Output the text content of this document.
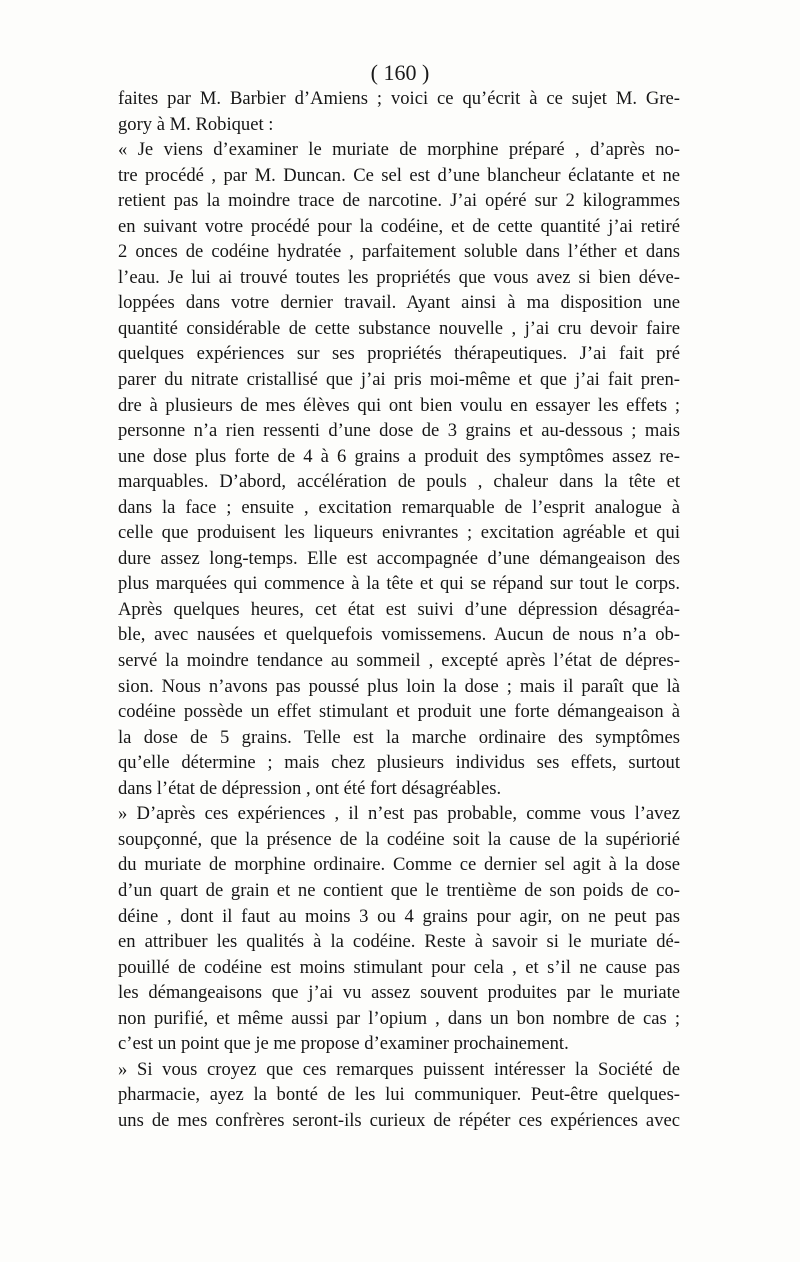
( 160 )
faites par M. Barbier d’Amiens ; voici ce qu’écrit à ce sujet M. Gre-
gory à M. Robiquet :
« Je viens d’examiner le muriate de morphine préparé , d’après no-
tre procédé , par M. Duncan. Ce sel est d’une blancheur éclatante et ne
retient pas la moindre trace de narcotine. J’ai opéré sur 2 kilogrammes
en suivant votre procédé pour la codéine, et de cette quantité j’ai retiré
2 onces de codéine hydratée , parfaitement soluble dans l’éther et dans
l’eau. Je lui ai trouvé toutes les propriétés que vous avez si bien déve-
loppées dans votre dernier travail. Ayant ainsi à ma disposition une
quantité considérable de cette substance nouvelle , j’ai cru devoir faire
quelques expériences sur ses propriétés thérapeutiques. J’ai fait pré
parer du nitrate cristallisé que j’ai pris moi-même et que j’ai fait pren-
dre à plusieurs de mes élèves qui ont bien voulu en essayer les effets ;
personne n’a rien ressenti d’une dose de 3 grains et au-dessous ; mais
une dose plus forte de 4 à 6 grains a produit des symptômes assez re-
marquables. D’abord, accélération de pouls , chaleur dans la tête et
dans la face ; ensuite , excitation remarquable de l’esprit analogue à
celle que produisent les liqueurs enivrantes ; excitation agréable et qui
dure assez long-temps. Elle est accompagnée d’une démangeaison des
plus marquées qui commence à la tête et qui se répand sur tout le corps.
Après quelques heures, cet état est suivi d’une dépression désagréa-
ble, avec nausées et quelquefois vomissemens. Aucun de nous n’a ob-
servé la moindre tendance au sommeil , excepté après l’état de dépres-
sion. Nous n’avons pas poussé plus loin la dose ; mais il paraît que là
codéine possède un effet stimulant et produit une forte démangeaison à
la dose de 5 grains. Telle est la marche ordinaire des symptômes
qu’elle détermine ; mais chez plusieurs individus ses effets, surtout
dans l’état de dépression , ont été fort désagréables.
» D’après ces expériences , il n’est pas probable, comme vous l’avez
soupçonné, que la présence de la codéine soit la cause de la supériorié
du muriate de morphine ordinaire. Comme ce dernier sel agit à la dose
d’un quart de grain et ne contient que le trentième de son poids de co-
déine , dont il faut au moins 3 ou 4 grains pour agir, on ne peut pas
en attribuer les qualités à la codéine. Reste à savoir si le muriate dé-
pouillé de codéine est moins stimulant pour cela , et s’il ne cause pas
les démangeaisons que j’ai vu assez souvent produites par le muriate
non purifié, et même aussi par l’opium , dans un bon nombre de cas ;
c’est un point que je me propose d’examiner prochainement.
» Si vous croyez que ces remarques puissent intéresser la Société de
pharmacie, ayez la bonté de les lui communiquer. Peut-être quelques-
uns de mes confrères seront-ils curieux de répéter ces expériences avec
